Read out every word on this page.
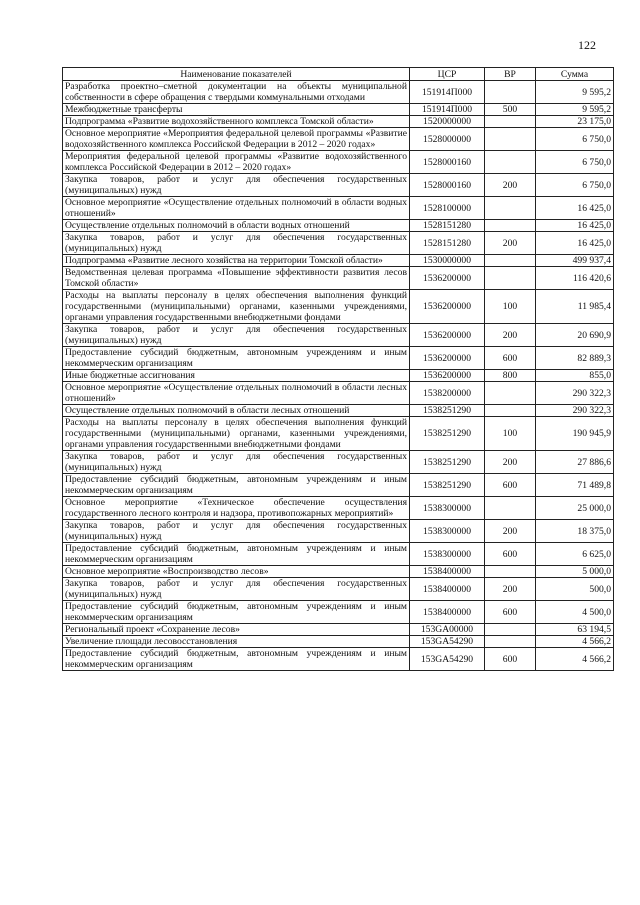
122
Наименование показателей	ЦСР	ВР	Сумма
Разработка проектно–сметной документации на объекты муниципальной собственности в сфере обращения с твердыми коммунальными отходами	151914П000		9 595,2
Межбюджетные трансферты	151914П000	500	9 595,2
Подпрограмма «Развитие водохозяйственного комплекса Томской области»	1520000000		23 175,0
Основное мероприятие «Мероприятия федеральной целевой программы «Развитие водохозяйственного комплекса Российской Федерации в 2012 – 2020 годах»	1528000000		6 750,0
Мероприятия федеральной целевой программы «Развитие водохозяйственного комплекса Российской Федерации в 2012 – 2020 годах»	1528000160		6 750,0
Закупка товаров, работ и услуг для обеспечения государственных (муниципальных) нужд	1528000160	200	6 750,0
Основное мероприятие «Осуществление отдельных полномочий в области водных отношений»	1528100000		16 425,0
Осуществление отдельных полномочий в области водных отношений	1528151280		16 425,0
Закупка товаров, работ и услуг для обеспечения государственных (муниципальных) нужд	1528151280	200	16 425,0
Подпрограмма «Развитие лесного хозяйства на территории Томской области»	1530000000		499 937,4
Ведомственная целевая программа «Повышение эффективности развития лесов Томской области»	1536200000		116 420,6
Расходы на выплаты персоналу в целях обеспечения выполнения функций государственными (муниципальными) органами, казенными учреждениями, органами управления государственными внебюджетными фондами	1536200000	100	11 985,4
Закупка товаров, работ и услуг для обеспечения государственных (муниципальных) нужд	1536200000	200	20 690,9
Предоставление субсидий бюджетным, автономным учреждениям и иным некоммерческим организациям	1536200000	600	82 889,3
Иные бюджетные ассигнования	1536200000	800	855,0
Основное мероприятие «Осуществление отдельных полномочий в области лесных отношений»	1538200000		290 322,3
Осуществление отдельных полномочий в области лесных отношений	1538251290		290 322,3
Расходы на выплаты персоналу в целях обеспечения выполнения функций государственными (муниципальными) органами, казенными учреждениями, органами управления государственными внебюджетными фондами	1538251290	100	190 945,9
Закупка товаров, работ и услуг для обеспечения государственных (муниципальных) нужд	1538251290	200	27 886,6
Предоставление субсидий бюджетным, автономным учреждениям и иным некоммерческим организациям	1538251290	600	71 489,8
Основное мероприятие «Техническое обеспечение осуществления государственного лесного контроля и надзора, противопожарных мероприятий»	1538300000		25 000,0
Закупка товаров, работ и услуг для обеспечения государственных (муниципальных) нужд	1538300000	200	18 375,0
Предоставление субсидий бюджетным, автономным учреждениям и иным некоммерческим организациям	1538300000	600	6 625,0
Основное мероприятие «Воспроизводство лесов»	1538400000		5 000,0
Закупка товаров, работ и услуг для обеспечения государственных (муниципальных) нужд	1538400000	200	500,0
Предоставление субсидий бюджетным, автономным учреждениям и иным некоммерческим организациям	1538400000	600	4 500,0
Региональный проект «Сохранение лесов»	153GA00000		63 194,5
Увеличение площади лесовосстановления	153GA54290		4 566,2
Предоставление субсидий бюджетным, автономным учреждениям и иным некоммерческим организациям	153GA54290	600	4 566,2
